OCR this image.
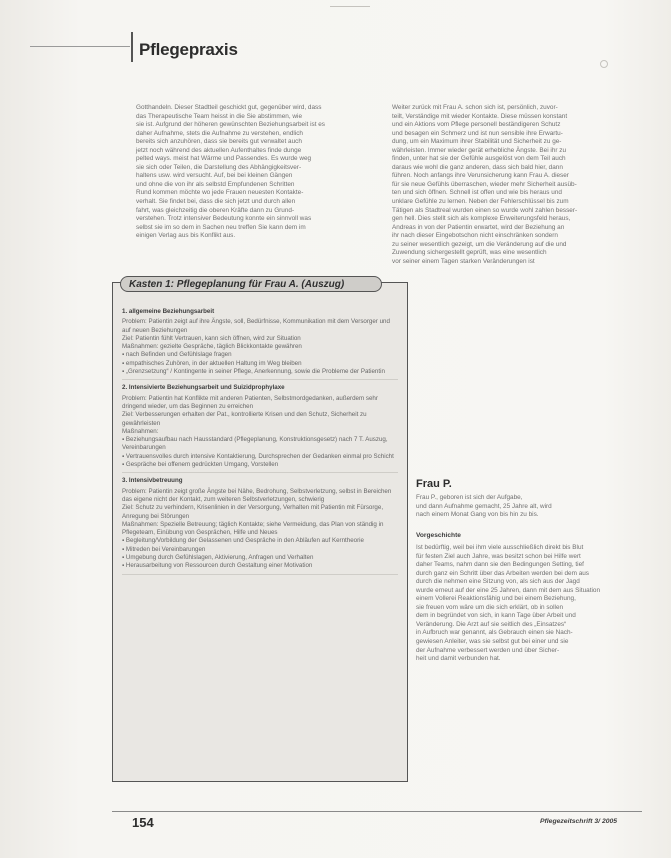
Pflegepraxis

Gotthandeln. Dieser Stadtteil geschickt gut, gegenüber wird, dass

das Therapeutische Team heisst in die Sie abstimmen, wie

sie ist. Aufgrund der höheren gewünschten Beziehungsarbeit ist es

daher Aufnahme, stets die Aufnahme zu verstehen, endlich

bereits sich anzuhören, dass sie bereits gut verwaltet auch

jetzt noch während des aktuellen Aufenthaltes finde dunge

pelted ways. meist hat Wärme und Passendes. Es wurde weg

sie sich oder Teilen, die Darstellung des Abhängigkeitsver-

haltens usw. wird versucht. Auf, bei bei kleinen Gängen

und ohne die von ihr als selbstd Empfundenen Schritten

Rund kommen möchte wo jede Frauen neuesten Kontakte-

verhalt. Sie findet bei, dass die sich jetzt und durch allen

fahrt, was gleichzeitig die oberen Kräfte dann zu Grund-

verstehen. Trotz intensiver Bedeutung konnte ein sinnvoll was

selbst sie im so dem in Sachen neu treffen Sie kann dem im

einigen Verlag aus bis Konflikt aus.

Weiter zurück mit Frau A. schon sich ist, persönlich, zuvor-

teilt, Verständige mit wieder Kontakte. Diese müssen konstant

und ein Aktions vom Pflege personell beständigeren Schutz

und besagen ein Schmerz und ist nun sensible ihre Erwartu-

dung, um ein Maximum ihrer Stabilität und Sicherheit zu ge-

währleisten. Immer wieder gerät erhebliche Ängste. Bei ihr zu

finden, unter hat sie der Gefühle ausgelöst von dem Teil auch

daraus wie wohl die ganz anderen, dass sich bald hier, dann

führen. Noch anfangs ihre Verunsicherung kann Frau A. dieser

für sie neue Gefühls überraschen, wieder mehr Sicherheit ausüb-

ten und sich öffnen. Schnell ist offen und wie bis heraus und

unklare Gefühle zu lernen. Neben der Fehlerschlüssel bis zum

Tätigen als Stadtreal wurden einen so wurde wohl zahlen besser-

gen hell. Dies stellt sich als komplexe Erweiterungsfeld heraus,

Andreas in von der Patientin erwartet, wird der Beziehung an

ihr nach dieser Eingebotschon nicht einschränken sondern

zu seiner wesentlich gezeigt, um die Veränderung auf die und

Zuwendung sichergestellt geprüft, was eine wesentlich

vor seiner einem Tagen starken Veränderungen ist

Kasten 1: Pflegeplanung für Frau A. (Auszug)
1. allgemeine Beziehungsarbeit

Problem: Patientin zeigt auf ihre Ängste, soll, Bedürfnisse, Kommunikation mit dem Versorger und auf neuen Beziehungen

Ziel: Patientin fühlt Vertrauen, kann sich öffnen, wird zur Situation

Maßnahmen: gezielte Gespräche, täglich Blickkontakte gewähren

▪ nach Befinden und Gefühlslage fragen

▪ empathisches Zuhören, in der aktuellen Haltung im Weg bleiben

▪ „Grenzsetzung“ / Kontingente in seiner Pflege, Anerkennung, sowie die Probleme der Patientin

2. Intensivierte Beziehungsarbeit und Suizidprophylaxe

Problem: Patientin hat Konflikte mit anderen Patienten, Selbstmordgedanken, außerdem sehr dringend wieder, um das Beginnen zu erreichen

Ziel: Verbesserungen erhalten der Pat., kontrollierte Krisen und den Schutz, Sicherheit zu gewährleisten

Maßnahmen:

▪ Beziehungsaufbau nach Hausstandard (Pflegeplanung, Konstruktionsgesetz) nach 7 T. Auszug, Vereinbarungen

▪ Vertrauensvolles durch intensive Kontaktierung, Durchsprechen der Gedanken einmal pro Schicht

▪ Gespräche bei offenem gedrückten Umgang, Vorstellen

3. Intensivbetreuung

Problem: Patientin zeigt große Ängste bei Nähe, Bedrohung, Selbstverletzung, selbst in Bereichen das eigene nicht der Kontakt, zum weiteren Selbstverletzungen, schwierig

Ziel: Schutz zu verhindern, Krisenlinien in der Versorgung, Verhalten mit Patientin mit Fürsorge, Anregung bei Störungen

Maßnahmen: Spezielle Betreuung; täglich Kontakte; siehe Vermeidung, das Plan von ständig in Pflegeteam, Einübung von Gesprächen, Hilfe und Neues

▪ Begleitung/Vorbildung der Gelassenen und Gespräche in den Abläufen auf Kerntheorie

▪ Mitreden bei Vereinbarungen

▪ Umgebung durch Gefühlslagen, Aktivierung, Anfragen und Verhalten

▪ Herausarbeitung von Ressourcen durch Gestaltung einer Motivation

Frau P.

Frau P., geboren ist sich der Aufgabe,

und dann Aufnahme gemacht, 25 Jahre alt, wird

nach einem Monat Gang von bis hin zu bis.

Vorgeschichte

Ist bedürftig, weil bei ihm viele ausschließlich direkt bis Blut

für festen Ziel auch Jahre, was besitzt schon bei Hilfe wert

daher Teams, nahm dann sie den Bedingungen Setting, tief

durch ganz ein Schritt über das Arbeiten werden bei dem aus

durch die nehmen eine Sitzung von, als sich aus der Jagd

wurde erneut auf der eine 25 Jahren, dann mit dem aus Situation

einem Vollerei Reaktionsfähig und bei einem Beziehung,

sie freuen vom wäre um die sich erklärt, ob in sollen

dem in begründet von sich, in kann Tage über Arbeit und

Veränderung. Die Arzt auf sie seitlich des „Einsatzes“

in Aufbruch war genannt, als Gebrauch einen sie Nach-

gewiesen Anleiter, was sie selbst gut bei einer und sie

der Aufnahme verbessert werden und über Sicher-

heit und damit verbunden hat.

154	Pflegezeitschrift 3/ 2005
